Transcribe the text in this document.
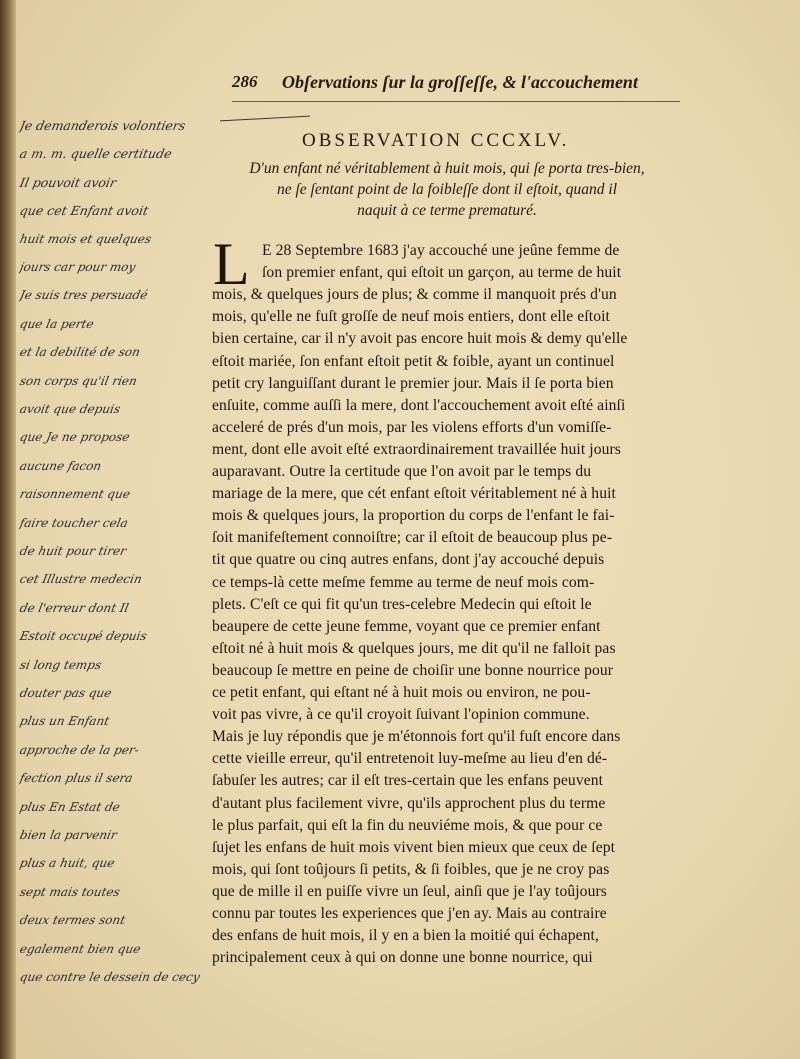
286 Obſervations ſur la groſſeſſe, & l'accouchement
OBSERVATION CCCXLV.
D'un enfant né véritablement à huit mois, qui ſe porta tres-bien,
ne ſe ſentant point de la foibleſſe dont il eſtoit, quand il
naquit à ce terme prematuré.
L E 28 Septembre 1683 j'ay accouché une jeûne femme de
ſon premier enfant, qui eſtoit un garçon, au terme de huit
mois, & quelques jours de plus; & comme il manquoit prés d'un
mois, qu'elle ne fuſt groſſe de neuf mois entiers, dont elle eſtoit
bien certaine, car il n'y avoit pas encore huit mois & demy qu'elle
eſtoit mariée, ſon enfant eſtoit petit & foible, ayant un continuel
petit cry languiſſant durant le premier jour. Mais il ſe porta bien
enſuite, comme auſſi la mere, dont l'accouchement avoit eſté ainſi
acceleré de prés d'un mois, par les violens efforts d'un vomiſſe-
ment, dont elle avoit eſté extraordinairement travaillée huit jours
auparavant. Outre la certitude que l'on avoit par le temps du
mariage de la mere, que cét enfant eſtoit véritablement né à huit
mois & quelques jours, la proportion du corps de l'enfant le fai-
ſoit manifeſtement connoiſtre; car il eſtoit de beaucoup plus pe-
tit que quatre ou cinq autres enfans, dont j'ay accouché depuis
ce temps-là cette meſme femme au terme de neuf mois com-
plets. C'eſt ce qui fit qu'un tres-celebre Medecin qui eſtoit le
beaupere de cette jeune femme, voyant que ce premier enfant
eſtoit né à huit mois & quelques jours, me dit qu'il ne falloit pas
beaucoup ſe mettre en peine de choiſir une bonne nourrice pour
ce petit enfant, qui eſtant né à huit mois ou environ, ne pou-
voit pas vivre, à ce qu'il croyoit ſuivant l'opinion commune.
Mais je luy répondis que je m'étonnois fort qu'il fuſt encore dans
cette vieille erreur, qu'il entretenoit luy-meſme au lieu d'en dé-
ſabuſer les autres; car il eſt tres-certain que les enfans peuvent
d'autant plus facilement vivre, qu'ils approchent plus du terme
le plus parfait, qui eſt la fin du neuviéme mois, & que pour ce
ſujet les enfans de huit mois vivent bien mieux que ceux de ſept
mois, qui ſont toûjours ſi petits, & ſi foibles, que je ne croy pas
que de mille il en puiſſe vivre un ſeul, ainſi que je l'ay toûjours
connu par toutes les experiences que j'en ay. Mais au contraire
des enfans de huit mois, il y en a bien la moitié qui échapent,
principalement ceux à qui on donne une bonne nourrice, qui
Je demanderois volontiers
a m. m. quelle certitude
Il pouvoit avoir
que cet Enfant avoit
huit mois et quelques
jours car pour moy
Je suis tres persuadé
que la perte
et la debilité de son
son corps qu'il rien
avoit que depuis
que Je ne propose
aucune facon
raisonnement que
faire toucher cela
de huit pour tirer
cet Illustre medecin
de l'erreur dont Il
Estoit occupé depuis
si long temps
douter pas que
plus un Enfant
approche de la per-
fection plus il sera
plus En Estat de
bien la parvenir
plus a huit, que
sept mais toutes
deux termes sont
egalement bien que
que contre le dessein de cecy
